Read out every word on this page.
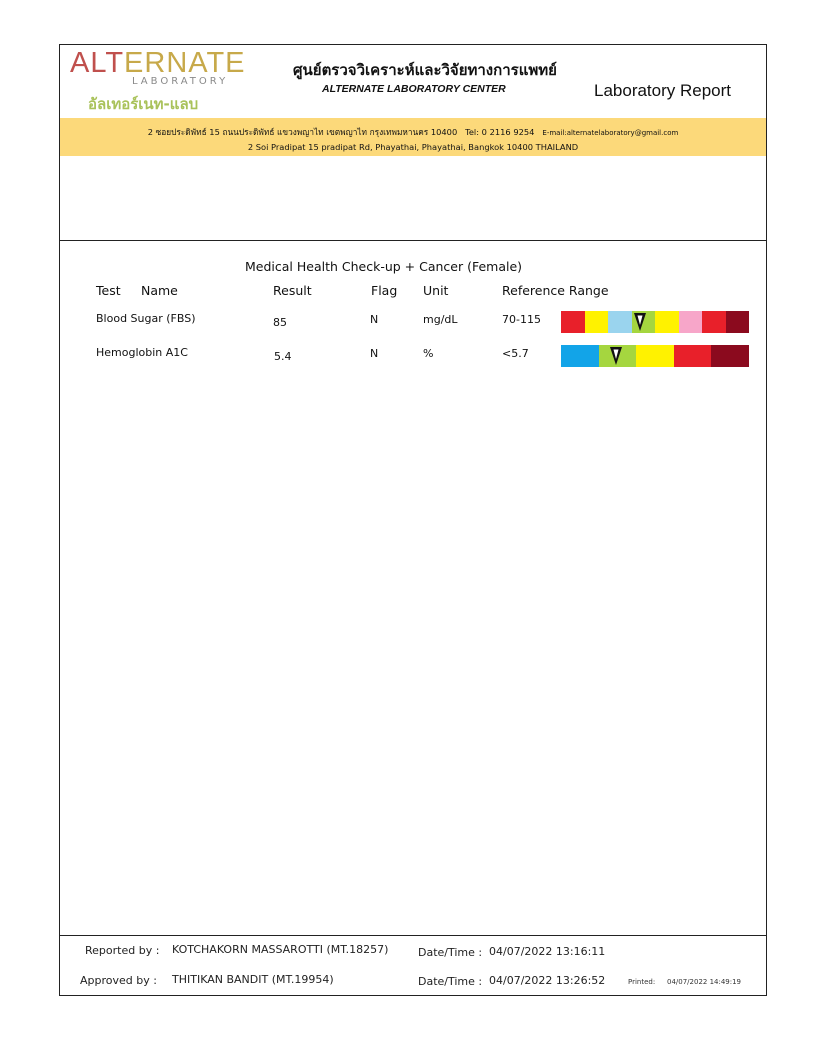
ALTERNATE
LABORATORY
อัลเทอร์เนท-แลบ
ศูนย์ตรวจวิเคราะห์และวิจัยทางการแพทย์
ALTERNATE LABORATORY CENTER	Laboratory Report
2 ซอยประดิพัทธ์ 15 ถนนประดิพัทธ์ แขวงพญาไท เขตพญาไท กรุงเทพมหานคร 10400 Tel: 0 2116 9254 E-mail:alternatelaboratory@gmail.com
2 Soi Pradipat 15 pradipat Rd, Phayathai, Phayathai, Bangkok 10400 THAILAND
Medical Health Check-up + Cancer (Female)
Test Name	Result	Flag Unit	Reference Range
Blood Sugar (FBS)	85	N	mg/dL	70-115
Hemoglobin A1C	5.4	N	%	<5.7
Reported by : KOTCHAKORN MASSAROTTI (MT.18257)	Date/Time : 04/07/2022 13:16:11
Approved by : THITIKAN BANDIT (MT.19954)	Date/Time : 04/07/2022 13:26:52	Printed: 04/07/2022 14:49:19
